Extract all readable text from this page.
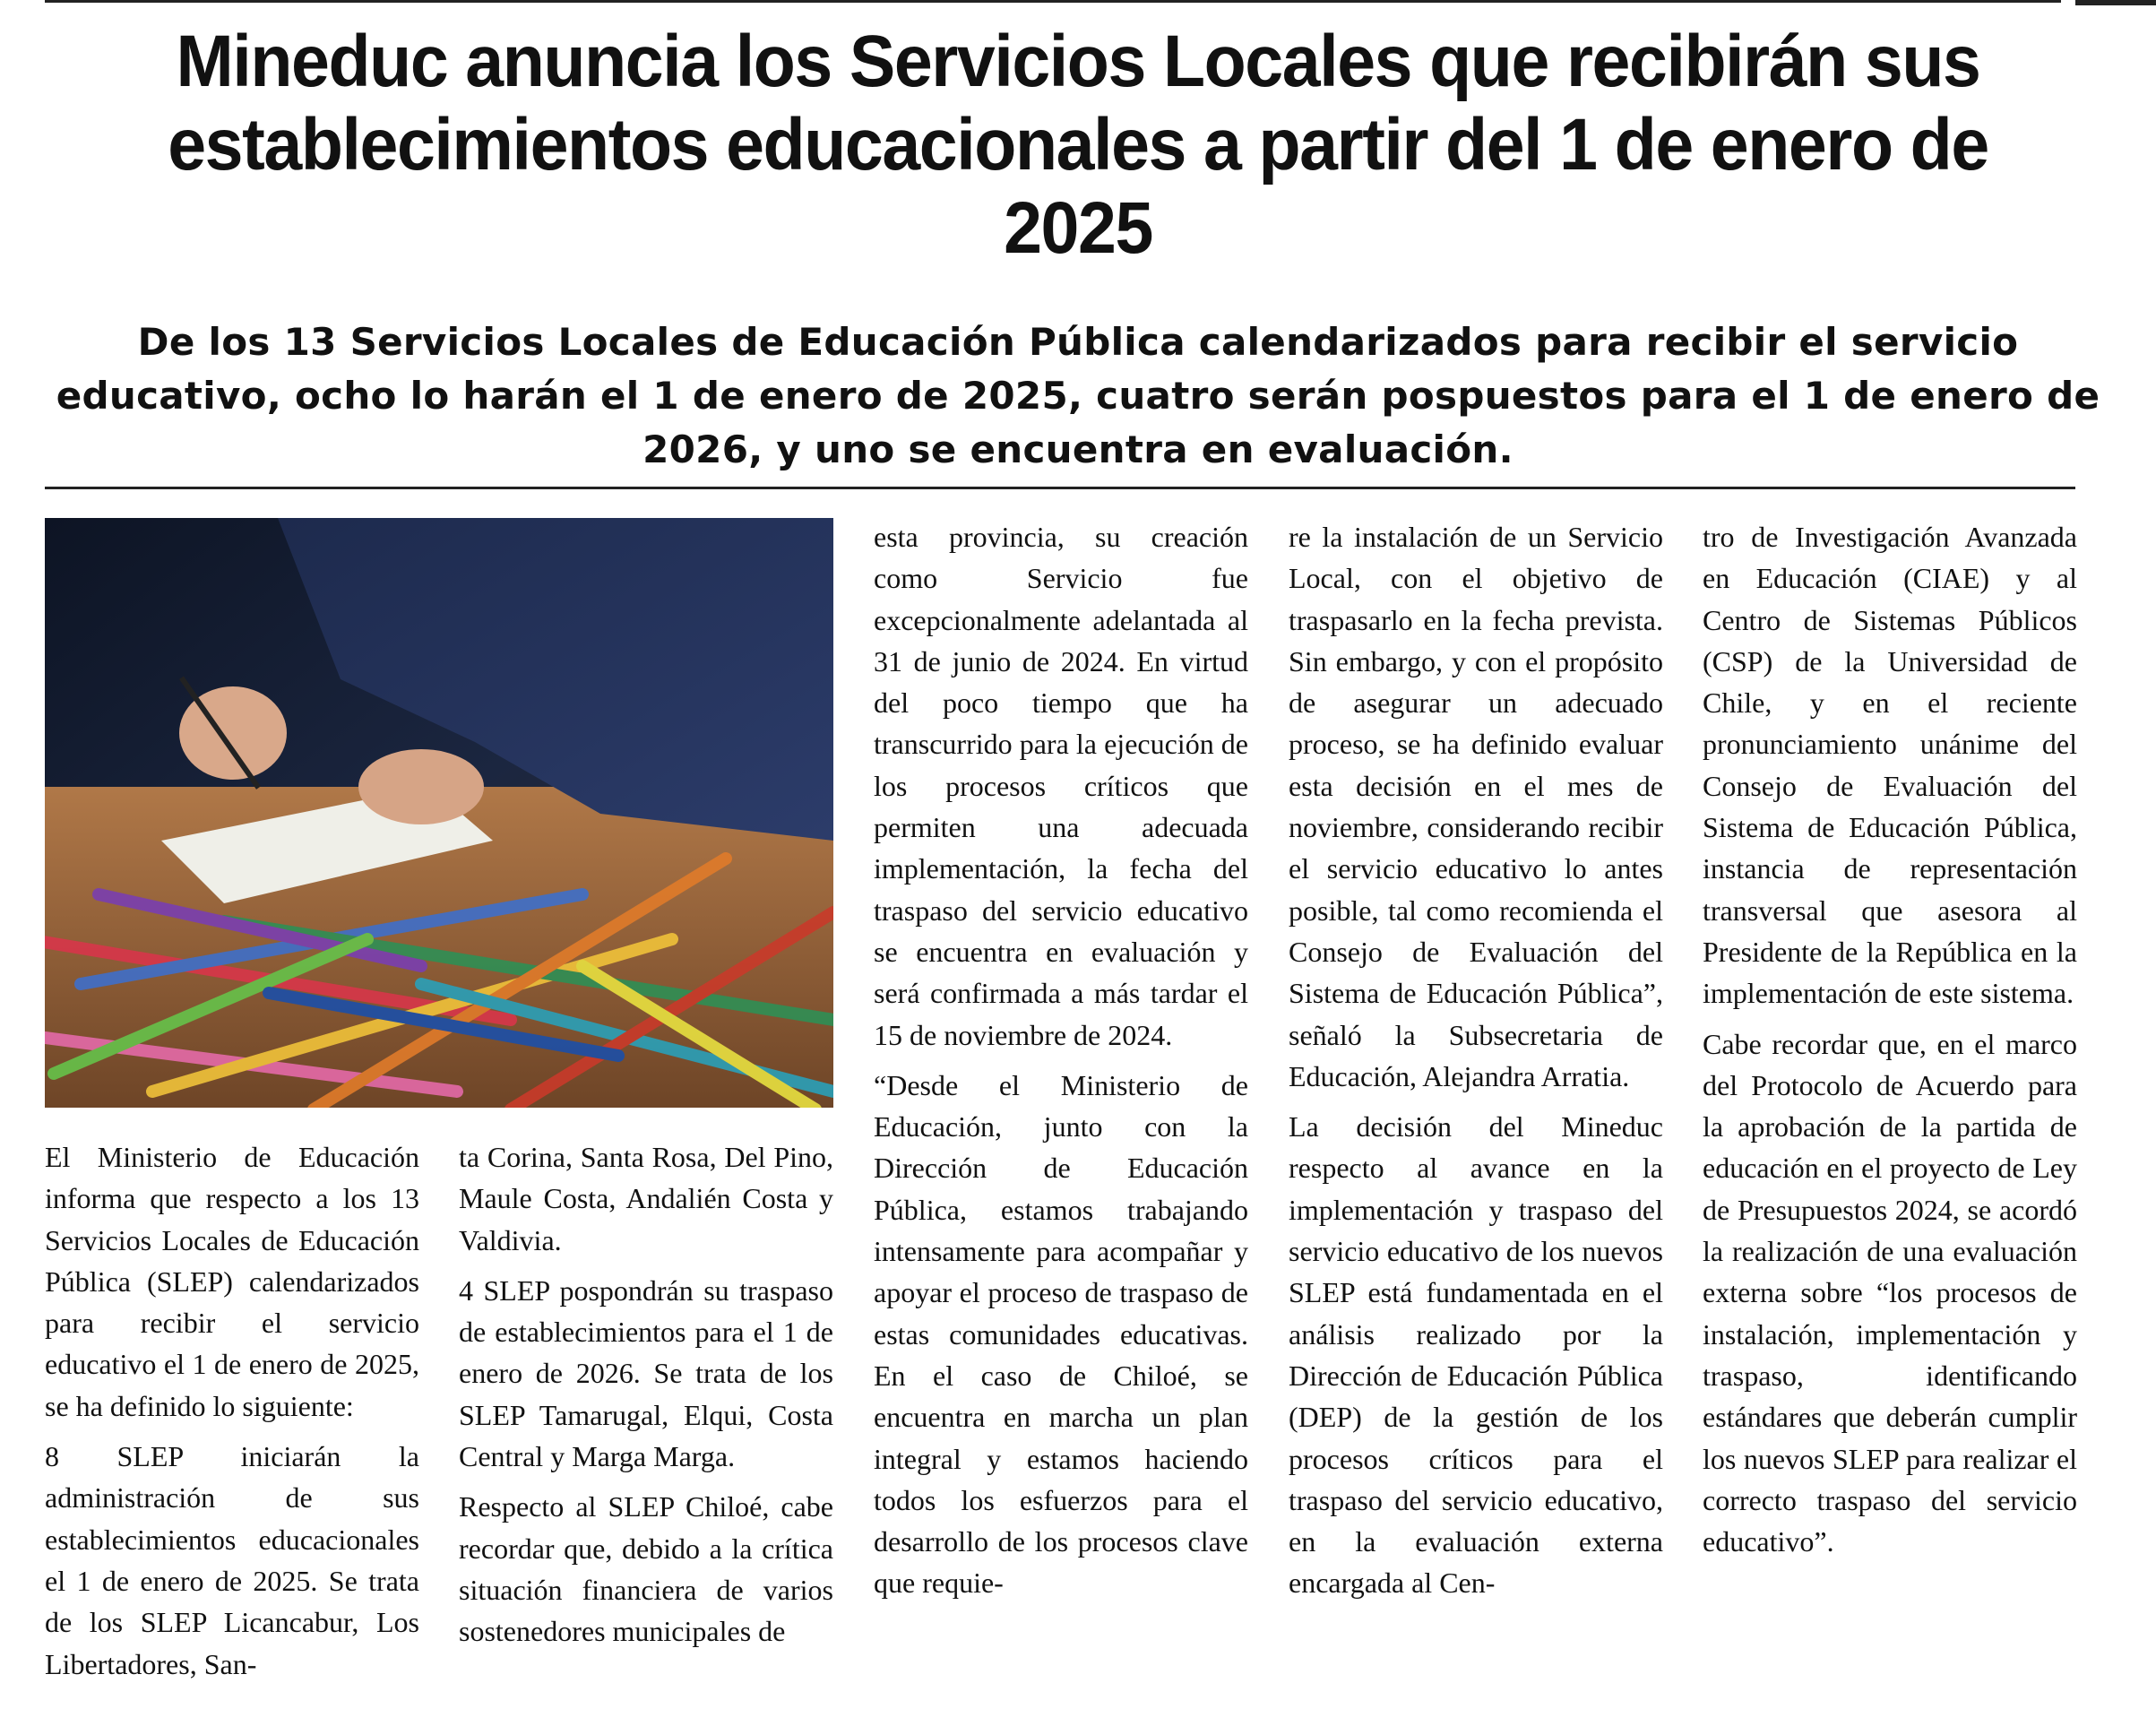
Mineduc anuncia los Servicios Locales que recibirán sus establecimientos educacionales a partir del 1 de enero de 2025
De los 13 Servicios Locales de Educación Pública calendarizados para recibir el servicio educativo, ocho lo harán el 1 de enero de 2025, cuatro serán pospuestos para el 1 de enero de 2026, y uno se encuentra en evaluación.

El Ministerio de Educación informa que respecto a los 13 Servicios Locales de Educación Pública (SLEP) calendarizados para recibir el servicio educativo el 1 de enero de 2025, se ha definido lo siguiente:

8 SLEP iniciarán la administración de sus establecimientos educacionales el 1 de enero de 2025. Se trata de los SLEP Licancabur, Los Libertadores, San-

ta Corina, Santa Rosa, Del Pino, Maule Costa, Andalién Costa y Valdivia.

4 SLEP pospondrán su traspaso de establecimientos para el 1 de enero de 2026. Se trata de los SLEP Tamarugal, Elqui, Costa Central y Marga Marga.

Respecto al SLEP Chiloé, cabe recordar que, debido a la crítica situación financiera de varios sostenedores municipales de

esta provincia, su creación como Servicio fue excepcionalmente adelantada al 31 de junio de 2024. En virtud del poco tiempo que ha transcurrido para la ejecución de los procesos críticos que permiten una adecuada implementación, la fecha del traspaso del servicio educativo se encuentra en evaluación y será confirmada a más tardar el 15 de noviembre de 2024.

“Desde el Ministerio de Educación, junto con la Dirección de Educación Pública, estamos trabajando intensamente para acompañar y apoyar el proceso de traspaso de estas comunidades educativas. En el caso de Chiloé, se encuentra en marcha un plan integral y estamos haciendo todos los esfuerzos para el desarrollo de los procesos clave que requie-

re la instalación de un Servicio Local, con el objetivo de traspasarlo en la fecha prevista. Sin embargo, y con el propósito de asegurar un adecuado proceso, se ha definido evaluar esta decisión en el mes de noviembre, considerando recibir el servicio educativo lo antes posible, tal como recomienda el Consejo de Evaluación del Sistema de Educación Pública”, señaló la Subsecretaria de Educación, Alejandra Arratia.

La decisión del Mineduc respecto al avance en la implementación y traspaso del servicio educativo de los nuevos SLEP está fundamentada en el análisis realizado por la Dirección de Educación Pública (DEP) de la gestión de los procesos críticos para el traspaso del servicio educativo, en la evaluación externa encargada al Cen-

tro de Investigación Avanzada en Educación (CIAE) y al Centro de Sistemas Públicos (CSP) de la Universidad de Chile, y en el reciente pronunciamiento unánime del Consejo de Evaluación del Sistema de Educación Pública, instancia de representación transversal que asesora al Presidente de la República en la implementación de este sistema.

Cabe recordar que, en el marco del Protocolo de Acuerdo para la aprobación de la partida de educación en el proyecto de Ley de Presupuestos 2024, se acordó la realización de una evaluación externa sobre “los procesos de instalación, implementación y traspaso, identificando estándares que deberán cumplir los nuevos SLEP para realizar el correcto traspaso del servicio educativo”.
